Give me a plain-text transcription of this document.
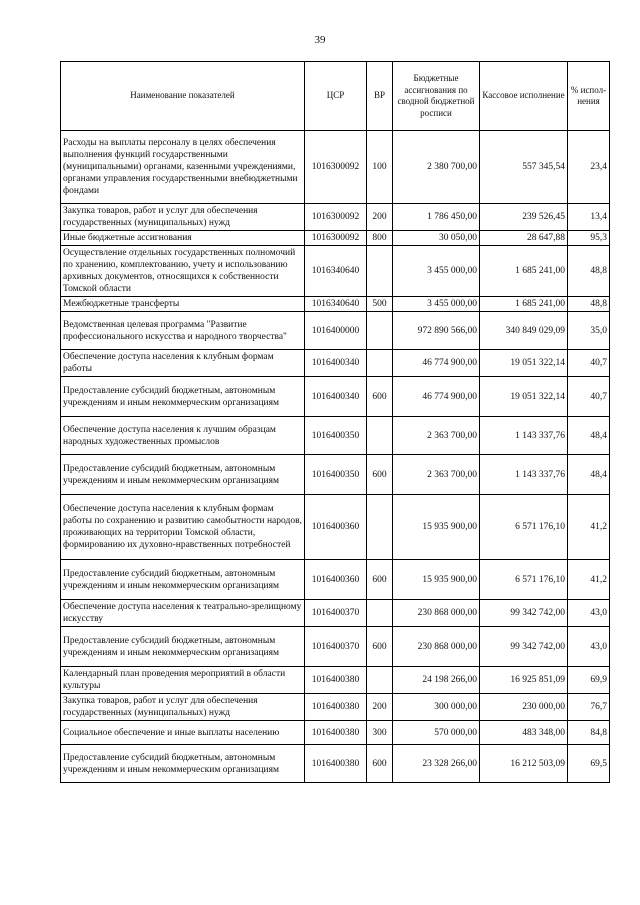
39
Наименование показателей	ЦСР	ВР	Бюджетные ассигнования по сводной бюджетной росписи	Кассовое исполнение	% испол-нения
Расходы на выплаты персоналу в целях обеспечения выполнения функций государственными (муниципальными) органами, казенными учреждениями, органами управления государственными внебюджетными фондами	1016300092	100	2 380 700,00	557 345,54	23,4
Закупка товаров, работ и услуг для обеспечения государственных (муниципальных) нужд	1016300092	200	1 786 450,00	239 526,45	13,4
Иные бюджетные ассигнования	1016300092	800	30 050,00	28 647,88	95,3
Осуществление отдельных государственных полномочий по хранению, комплектованию, учету и использованию архивных документов, относящихся к собственности Томской области	1016340640		3 455 000,00	1 685 241,00	48,8
Межбюджетные трансферты	1016340640	500	3 455 000,00	1 685 241,00	48,8
Ведомственная целевая программа "Развитие профессионального искусства и народного творчества"	1016400000		972 890 566,00	340 849 029,09	35,0
Обеспечение доступа населения к клубным формам работы	1016400340		46 774 900,00	19 051 322,14	40,7
Предоставление субсидий бюджетным, автономным учреждениям и иным некоммерческим организациям	1016400340	600	46 774 900,00	19 051 322,14	40,7
Обеспечение доступа населения к лучшим образцам народных художественных промыслов	1016400350		2 363 700,00	1 143 337,76	48,4
Предоставление субсидий бюджетным, автономным учреждениям и иным некоммерческим организациям	1016400350	600	2 363 700,00	1 143 337,76	48,4
Обеспечение доступа населения к клубным формам работы по сохранению и развитию самобытности народов, проживающих на территории Томской области, формированию их духовно-нравственных потребностей	1016400360		15 935 900,00	6 571 176,10	41,2
Предоставление субсидий бюджетным, автономным учреждениям и иным некоммерческим организациям	1016400360	600	15 935 900,00	6 571 176,10	41,2
Обеспечение доступа населения к театрально-зрелищному искусству	1016400370		230 868 000,00	99 342 742,00	43,0
Предоставление субсидий бюджетным, автономным учреждениям и иным некоммерческим организациям	1016400370	600	230 868 000,00	99 342 742,00	43,0
Календарный план проведения мероприятий в области культуры	1016400380		24 198 266,00	16 925 851,09	69,9
Закупка товаров, работ и услуг для обеспечения государственных (муниципальных) нужд	1016400380	200	300 000,00	230 000,00	76,7
Социальное обеспечение и иные выплаты населению	1016400380	300	570 000,00	483 348,00	84,8
Предоставление субсидий бюджетным, автономным учреждениям и иным некоммерческим организациям	1016400380	600	23 328 266,00	16 212 503,09	69,5
